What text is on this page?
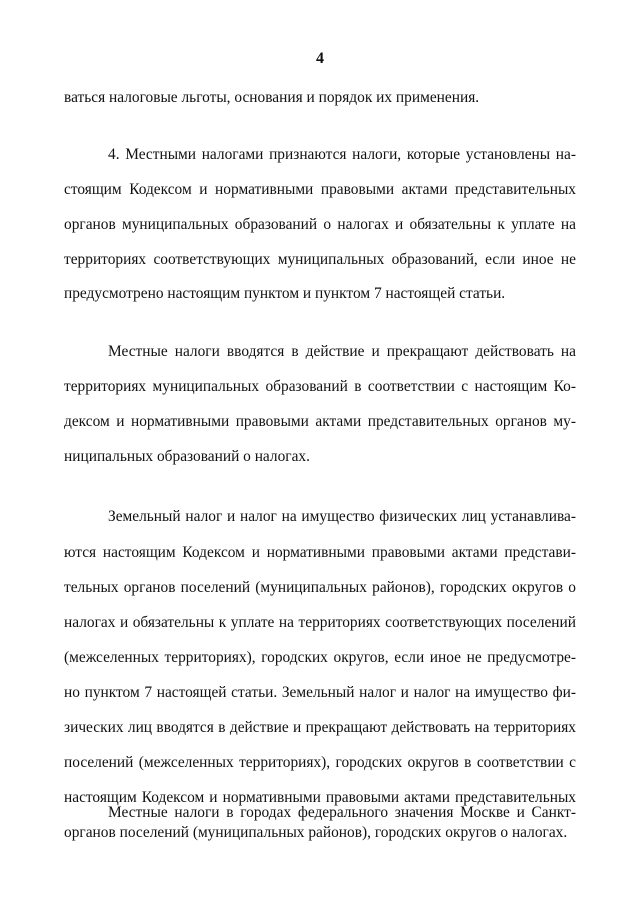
4
ваться налоговые льготы, основания и порядок их применения.
4. Местными налогами признаются налоги, которые установлены на-
стоящим Кодексом и нормативными правовыми актами представительных
органов муниципальных образований о налогах и обязательны к уплате на
территориях соответствующих муниципальных образований, если иное не
предусмотрено настоящим пунктом и пунктом 7 настоящей статьи.
Местные налоги вводятся в действие и прекращают действовать на
территориях муниципальных образований в соответствии с настоящим Ко-
дексом и нормативными правовыми актами представительных органов му-
ниципальных образований о налогах.
Земельный налог и налог на имущество физических лиц устанавлива-
ются настоящим Кодексом и нормативными правовыми актами представи-
тельных органов поселений (муниципальных районов), городских округов о
налогах и обязательны к уплате на территориях соответствующих поселений
(межселенных территориях), городских округов, если иное не предусмотре-
но пунктом 7 настоящей статьи. Земельный налог и налог на имущество фи-
зических лиц вводятся в действие и прекращают действовать на территориях
поселений (межселенных территориях), городских округов в соответствии с
настоящим Кодексом и нормативными правовыми актами представительных
органов поселений (муниципальных районов), городских округов о налогах.
Местные налоги в городах федерального значения Москве и Санкт-
